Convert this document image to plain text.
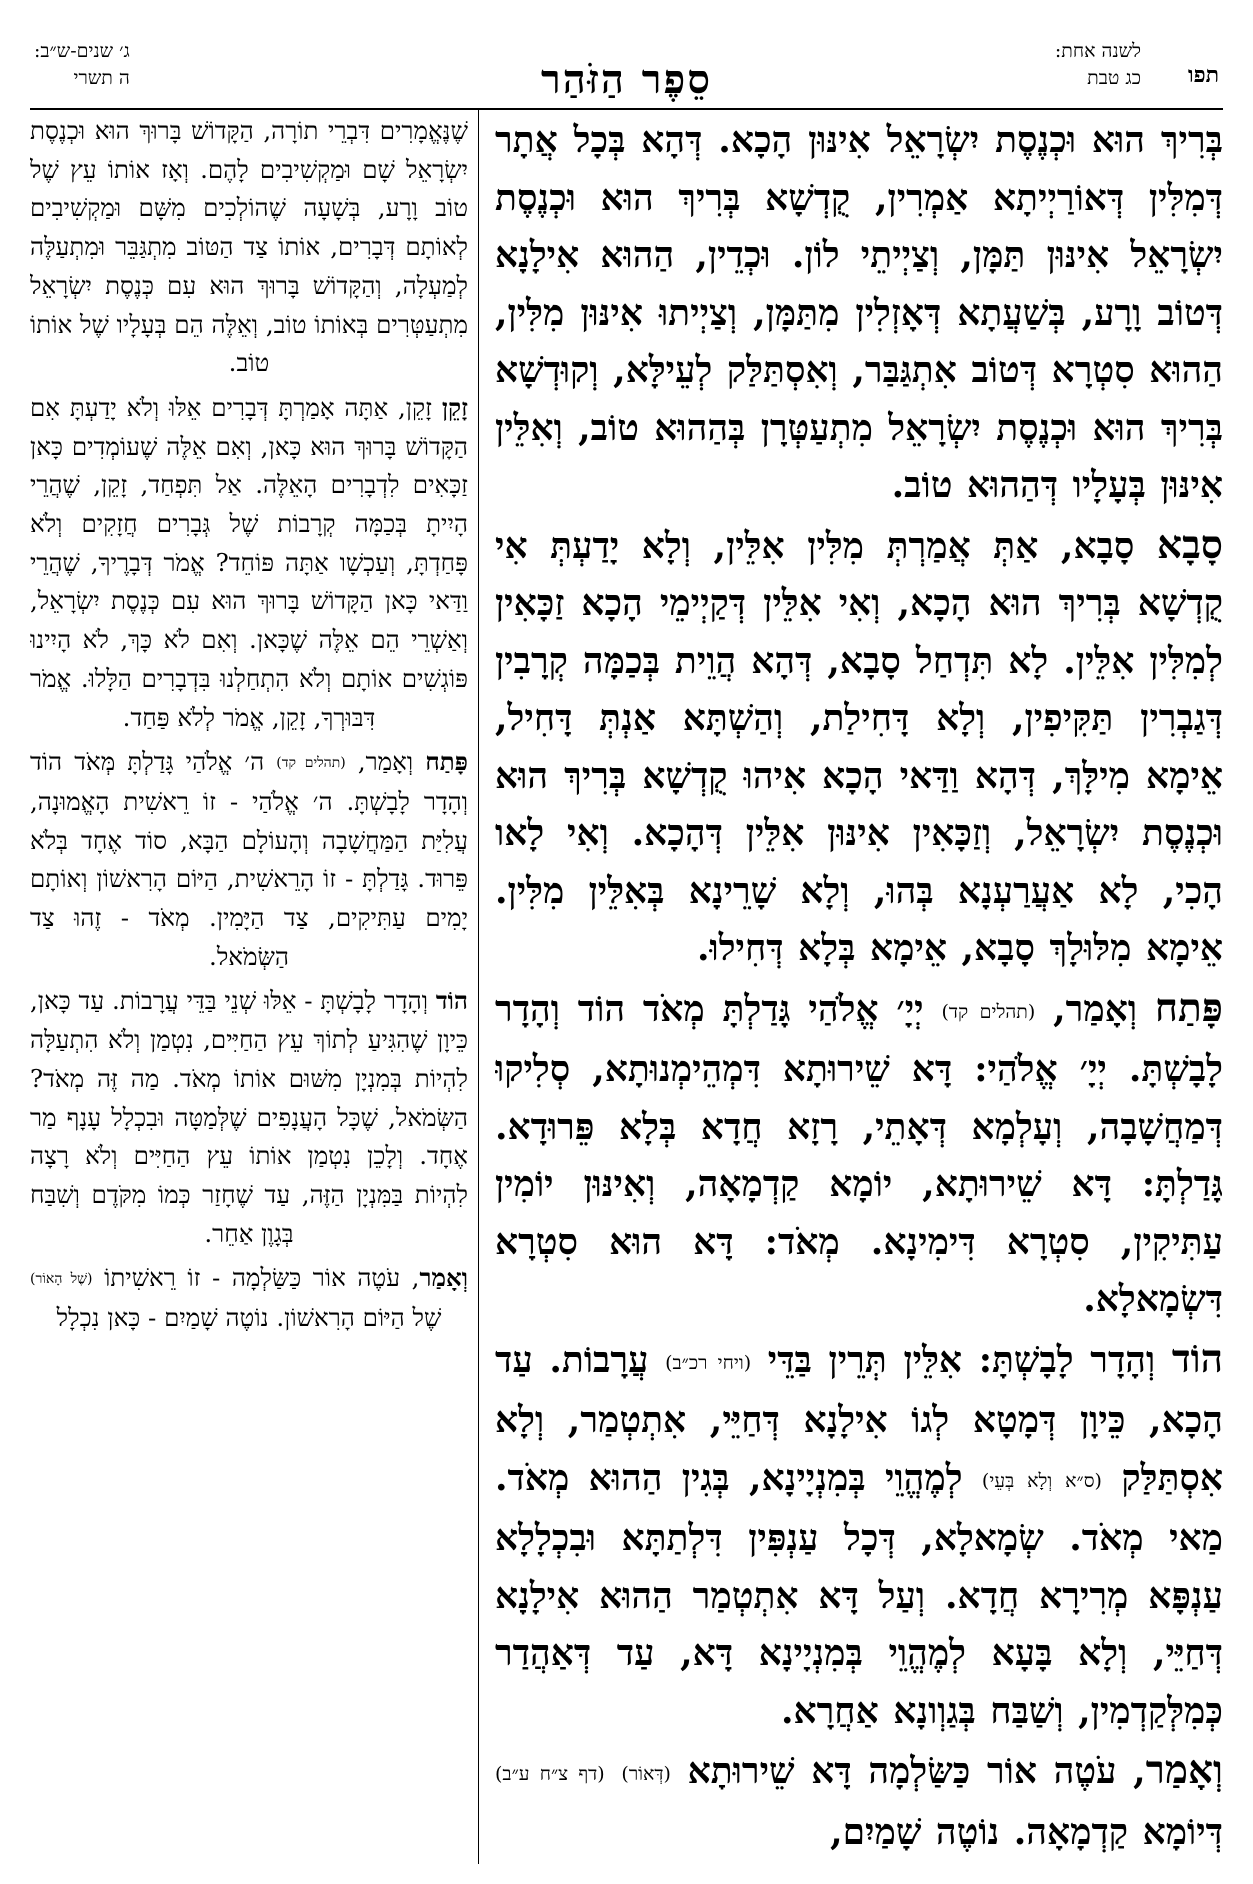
תפו
לשנה אחת:
כג טבת
סֵפֶר הַזֹּהַר
ג׳ שנים-ש״ב:
ה תשרי

בְּרִיךְ הוּא וּכְנֶסֶת יִשְׂרָאֵל אִינּוּן הָכָא. דְּהָא בְּכָל אֲתָר דְּמִלִּין דְּאוֹרַיְיתָא אַמְרִין, קֻדְשָׁא בְּרִיךְ הוּא וּכְנֶסֶת יִשְׂרָאֵל אִינּוּן תַּמָּן, וְצַיְיתֵי לוֹן. וּכְדֵין, הַהוּא אִילָנָא דְּטוֹב וָרָע, בְּשַׁעֲתָא דְּאָזְלִין מִתַּמָּן, וְצַיְיתוּ אִינּוּן מִלִּין, הַהוּא סִטְרָא דְּטוֹב אִתְגַּבַּר, וְאִסְתַּלַּק לְעֵילָּא, וְקוּדְשָׁא בְּרִיךְ הוּא וּכְנֶסֶת יִשְׂרָאֵל מִתְעַטְּרָן בְּהַהוּא טוֹב, וְאִלֵּין אִינּוּן בְּעָלָיו דְּהַהוּא טוֹב.

סָבָא סָבָא, אַתְּ אֲמַרְתְּ מִלִּין אִלֵּין, וְלָא יָדַעְתְּ אִי קֻדְשָׁא בְּרִיךְ הוּא הָכָא, וְאִי אִלֵּין דְּקַיְימֵי הָכָא זַכָּאִין לְמִלִּין אִלֵּין. לָא תִּדְחַל סָבָא, דְּהָא הֲוֵית בְּכַמָּה קְרָבִין דְּגַבְרִין תַּקִּיפִין, וְלָא דָּחִילַת, וְהַשְׁתָּא אַנְתְּ דָּחִיל, אֵימָא מִילָּךְ, דְּהָא וַדַּאי הָכָא אִיהוּ קֻדְשָׁא בְּרִיךְ הוּא וּכְנֶסֶת יִשְׂרָאֵל, וְזַכָּאִין אִינּוּן אִלֵּין דְּהָכָא. וְאִי לָאו הָכִי, לָא אַעֲרַעְנָא בְּהוּ, וְלָא שָׁרֵינָא בְּאִלֵּין מִלִּין. אֵימָא מִלּוּלָךְ סָבָא, אֵימָא בְּלָא דְּחִילוּ.

פָּתַח וְאָמַר, (תהלים קד) יְיָ׳ אֱלֹהַי גָּדַלְתָּ מְאֹד הוֹד וְהָדָר לָבָשְׁתָּ. יְיָ׳ אֱלֹהַי: דָּא שֵׁירוּתָא דִּמְהֵימְנוּתָא, סְלִיקוּ דְּמַחֲשָׁבָה, וְעָלְמָא דְּאָתֵי, רָזָא חֲדָא בְּלָא פֵּרוּדָא. גָּדַלְתָּ: דָּא שֵׁירוּתָא, יוֹמָא קַדְמָאָה, וְאִינּוּן יוֹמִין עַתִּיקִין, סִטְרָא דִּימִינָא. מְאֹד: דָּא הוּא סִטְרָא דִּשְׂמָאלָא.

הוֹד וְהָדָר לָבָשְׁתָּ: אִלֵּין תְּרֵין בַּדֵּי (ויחי רכ״ב) עֲרָבוֹת. עַד הָכָא, כֵּיוָן דְּמָטָא לְגוֹ אִילָנָא דְּחַיֵּי, אִתְטְמַר, וְלָא אִסְתַּלַּק (ס״א וְלָא בְּעֵי) לְמֶהֱוֵי בְּמִנְיָינָא, בְּגִין הַהוּא מְאֹד. מַאי מְאֹד. שְׂמָאלָא, דְּכָל עַנְפִּין דִּלְתַתָּא וּבִכְלָלָא עַנְפָּא מְרִירָא חֲדָא. וְעַל דָּא אִתְטְמַר הַהוּא אִילָנָא דְּחַיֵּי, וְלָא בָּעָא לְמֶהֱוֵי בְּמִנְיָינָא דָּא, עַד דְּאַהֲדַר כְּמִלְּקַדְמִין, וְשַׁבַּח בְּגַוְונָא אַחֲרָא.

וְאָמַר, עֹטֶה אוֹר כַּשַּׂלְמָה דָּא שֵׁירוּתָא (דְּאוֹר) (דף צ״ח ע״ב) דְּיוֹמָא קַדְמָאָה. נוֹטֶה שָׁמַיִם,

שֶׁנֶּאֱמָרִים דִּבְרֵי תוֹרָה, הַקָּדוֹשׁ בָּרוּךְ הוּא וּכְנֶסֶת יִשְׂרָאֵל שָׁם וּמַקְשִׁיבִים לָהֶם. וְאָז אוֹתוֹ עֵץ שֶׁל טוֹב וָרָע, בְּשָׁעָה שֶׁהוֹלְכִים מִשָּׁם וּמַקְשִׁיבִים לְאוֹתָם דְּבָרִים, אוֹתוֹ צַד הַטּוֹב מִתְגַּבֵּר וּמִתְעַלֶּה לְמַעְלָה, וְהַקָּדוֹשׁ בָּרוּךְ הוּא עִם כְּנֶסֶת יִשְׂרָאֵל מִתְעַטְּרִים בְּאוֹתוֹ טוֹב, וְאֵלֶּה הֵם בְּעָלָיו שֶׁל אוֹתוֹ טוֹב.

זָקֵן זָקֵן, אַתָּה אָמַרְתָּ דְּבָרִים אֵלּוּ וְלֹא יָדַעְתָּ אִם הַקָּדוֹשׁ בָּרוּךְ הוּא כָּאן, וְאִם אֵלֶּה שֶׁעוֹמְדִים כָּאן זַכָּאִים לִדְבָרִים הָאֵלֶּה. אַל תִּפְחַד, זָקֵן, שֶׁהֲרֵי הָיִיתָ בְּכַמָּה קְרָבוֹת שֶׁל גְּבָרִים חֲזָקִים וְלֹא פָּחַדְתָּ, וְעַכְשָׁו אַתָּה פּוֹחֵד? אֱמֹר דְּבָרֶיךָ, שֶׁהֲרֵי וַדַּאי כָּאן הַקָּדוֹשׁ בָּרוּךְ הוּא עִם כְּנֶסֶת יִשְׂרָאֵל, וְאַשְׁרֵי הֵם אֵלֶּה שֶׁכָּאן. וְאִם לֹא כָּךְ, לֹא הָיִינוּ פּוֹגְשִׁים אוֹתָם וְלֹא הִתְחַלְנוּ בִּדְבָרִים הַלָּלוּ. אֱמֹר דִּבּוּרְךָ, זָקֵן, אֱמֹר לְלֹא פַּחַד.

פָּתַח וְאָמַר, (תהלים קד) ה׳ אֱלֹהַי גָּדַלְתָּ מְּאֹד הוֹד וְהָדָר לָבָשְׁתָּ. ה׳ אֱלֹהַי - זוֹ רֵאשִׁית הָאֱמוּנָה, עֲלִיַּת הַמַּחֲשָׁבָה וְהָעוֹלָם הַבָּא, סוֹד אֶחָד בְּלֹא פֵּרוּד. גָּדַלְתָּ - זוֹ הָרֵאשִׁית, הַיּוֹם הָרִאשׁוֹן וְאוֹתָם יָמִים עַתִּיקִים, צַד הַיָּמִין. מְאֹד - זֶהוּ צַד הַשְּׂמֹאל.

הוֹד וְהָדָר לָבָשְׁתָּ - אֵלּוּ שְׁנֵי בַּדֵּי עֲרָבוֹת. עַד כָּאן, כֵּיוָן שֶׁהִגִּיעַ לְתוֹךְ עֵץ הַחַיִּים, נִטְמַן וְלֹא הִתְעַלָּה לִהְיוֹת בְּמִנְיָן מִשּׁוּם אוֹתוֹ מְאֹד. מַה זֶּה מְאֹד? הַשְּׂמֹאל, שֶׁכָּל הָעֲנָפִים שֶׁלְּמַטָּה וּבִכְלָל עָנָף מַר אֶחָד. וְלָכֵן נִטְמַן אוֹתוֹ עֵץ הַחַיִּים וְלֹא רָצָה לִהְיוֹת בַּמִּנְיָן הַזֶּה, עַד שֶׁחָזַר כְּמוֹ מִקֹּדֶם וְשִׁבַּח בְּגָוֶן אַחֵר.

וְאָמַר, עֹטֶה אוֹר כַּשַּׂלְמָה - זוֹ רֵאשִׁיתוֹ (שֶׁל הָאוֹר) שֶׁל הַיּוֹם הָרִאשׁוֹן. נוֹטֶה שָׁמַיִם - כָּאן נִכְלָל
